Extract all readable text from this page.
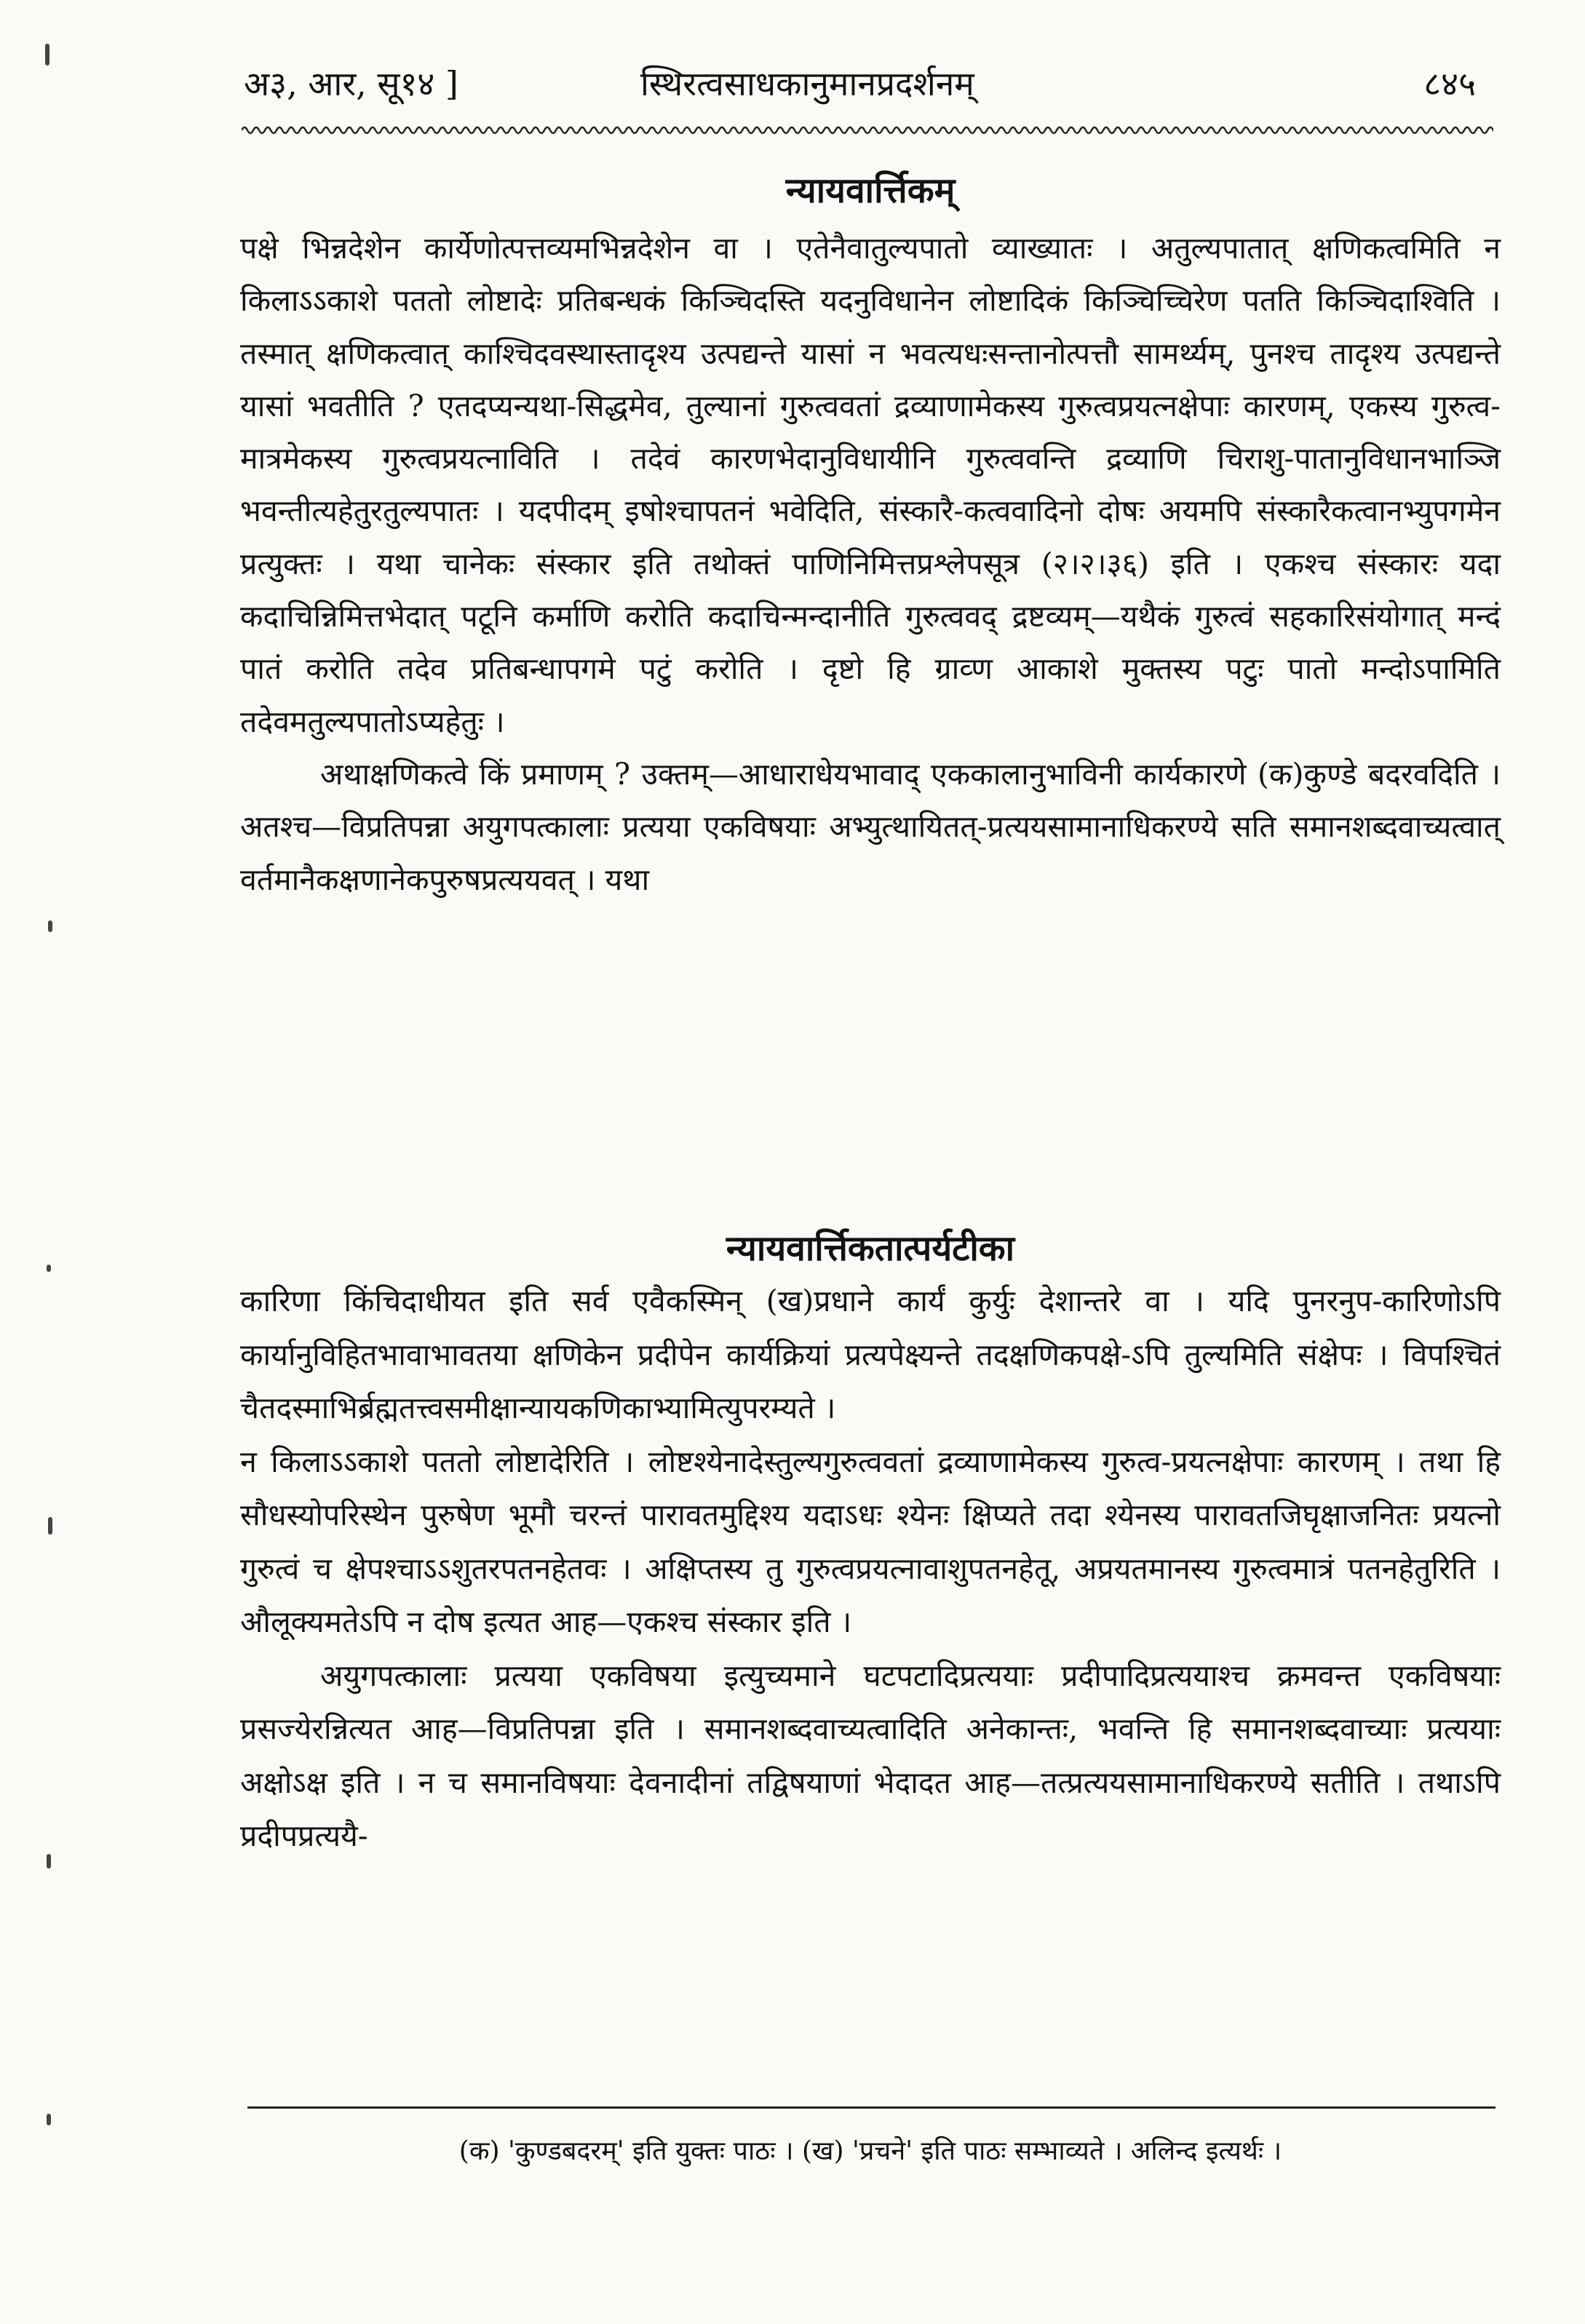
अ३, आर, सू१४ ]	स्थिरत्वसाधकानुमानप्रदर्शनम्	८४५
न्यायवार्त्तिकम्

पक्षे भिन्नदेशेन कार्येणोत्पत्तव्यमभिन्नदेशेन वा । एतेनैवातुल्यपातो व्याख्यातः । अतुल्यपातात् क्षणिकत्वमिति न किलाऽऽकाशे पततो लोष्टादेः प्रतिबन्धकं किञ्चिदस्ति यदनुविधानेन लोष्टादिकं किञ्चिच्चिरेण पतति किञ्चिदाश्विति । तस्मात् क्षणिकत्वात् काश्चिदवस्थास्तादृश्य उत्पद्यन्ते यासां न भवत्यधःसन्तानोत्पत्तौ सामर्थ्यम्, पुनश्च तादृश्य उत्पद्यन्ते यासां भवतीति ? एतदप्यन्यथा-सिद्धमेव, तुल्यानां गुरुत्ववतां द्रव्याणामेकस्य गुरुत्वप्रयत्नक्षेपाः कारणम्, एकस्य गुरुत्व-मात्रमेकस्य गुरुत्वप्रयत्नाविति । तदेवं कारणभेदानुविधायीनि गुरुत्ववन्ति द्रव्याणि चिराशु-पातानुविधानभाञ्जि भवन्तीत्यहेतुरतुल्यपातः । यदपीदम् इषोश्चापतनं भवेदिति, संस्कारै-कत्ववादिनो दोषः अयमपि संस्कारैकत्वानभ्युपगमेन प्रत्युक्तः । यथा चानेकः संस्कार इति तथोक्तं पाणिनिमित्तप्रश्लेपसूत्र (२।२।३६) इति । एकश्च संस्कारः यदा कदाचिन्निमित्तभेदात् पटूनि कर्माणि करोति कदाचिन्मन्दानीति गुरुत्ववद् द्रष्टव्यम्—यथैकं गुरुत्वं सहकारिसंयोगात् मन्दं पातं करोति तदेव प्रतिबन्धापगमे पटुं करोति । दृष्टो हि ग्राव्ण आकाशे मुक्तस्य पटुः पातो मन्दोऽपामिति तदेवमतुल्यपातोऽप्यहेतुः ।

अथाक्षणिकत्वे किं प्रमाणम् ? उक्तम्—आधाराधेयभावाद् एककालानुभाविनी कार्यकारणे (क)कुण्डे बदरवदिति । अतश्च—विप्रतिपन्ना अयुगपत्कालाः प्रत्यया एकविषयाः अभ्युत्थायितत्-प्रत्ययसामानाधिकरण्ये सति समानशब्दवाच्यत्वात् वर्तमानैकक्षणानेकपुरुषप्रत्ययवत् । यथा

न्यायवार्त्तिकतात्पर्यटीका

कारिणा किंचिदाधीयत इति सर्व एवैकस्मिन् (ख)प्रधाने कार्यं कुर्युः देशान्तरे वा । यदि पुनरनुप-कारिणोऽपि कार्यानुविहितभावाभावतया क्षणिकेन प्रदीपेन कार्यक्रियां प्रत्यपेक्ष्यन्ते तदक्षणिकपक्षे-ऽपि तुल्यमिति संक्षेपः । विपश्चितं चैतदस्माभिर्ब्रह्मतत्त्वसमीक्षान्यायकणिकाभ्यामित्युपरम्यते ।

न किलाऽऽकाशे पततो लोष्टादेरिति । लोष्टश्येनादेस्तुल्यगुरुत्ववतां द्रव्याणामेकस्य गुरुत्व-प्रयत्नक्षेपाः कारणम् । तथा हि सौधस्योपरिस्थेन पुरुषेण भूमौ चरन्तं पारावतमुद्दिश्य यदाऽधः श्येनः क्षिप्यते तदा श्येनस्य पारावतजिघृक्षाजनितः प्रयत्नो गुरुत्वं च क्षेपश्चाऽऽशुतरपतनहेतवः । अक्षिप्तस्य तु गुरुत्वप्रयत्नावाशुपतनहेतू, अप्रयतमानस्य गुरुत्वमात्रं पतनहेतुरिति । औलूक्यमतेऽपि न दोष इत्यत आह—एकश्च संस्कार इति ।

अयुगपत्कालाः प्रत्यया एकविषया इत्युच्यमाने घटपटादिप्रत्ययाः प्रदीपादिप्रत्ययाश्च क्रमवन्त एकविषयाः प्रसज्येरन्नित्यत आह—विप्रतिपन्ना इति । समानशब्दवाच्यत्वादिति अनेकान्तः, भवन्ति हि समानशब्दवाच्याः प्रत्ययाः अक्षोऽक्ष इति । न च समानविषयाः देवनादीनां तद्विषयाणां भेदादत आह—तत्प्रत्ययसामानाधिकरण्ये सतीति । तथाऽपि प्रदीपप्रत्ययै-

(क) 'कुण्डबदरम्' इति युक्तः पाठः । (ख) 'प्रचने' इति पाठः सम्भाव्यते । अलिन्द इत्यर्थः ।
